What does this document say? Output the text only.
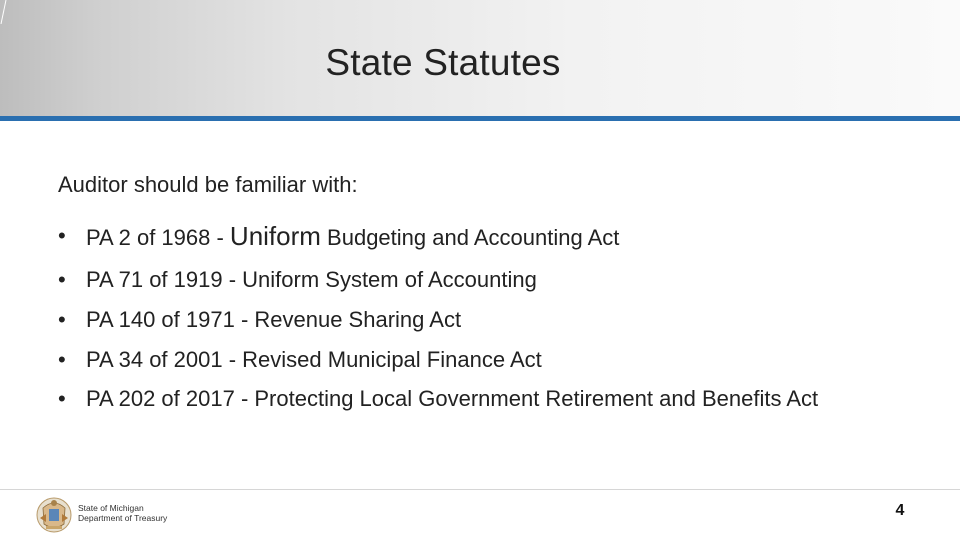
State Statutes
Auditor should be familiar with:
• PA 2 of 1968 - Uniform Budgeting and Accounting Act
• PA 71 of 1919 - Uniform System of Accounting
• PA 140 of 1971 - Revenue Sharing Act
• PA 34 of 2001 - Revised Municipal Finance Act
• PA 202 of 2017 - Protecting Local Government Retirement and Benefits Act
State of Michigan
Department of Treasury	4
